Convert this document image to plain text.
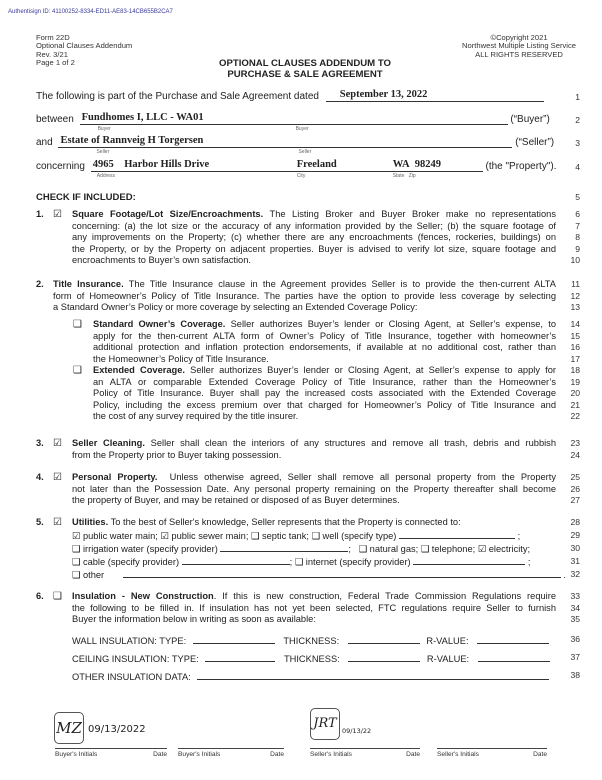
Authentisign ID: 41100252-8334-ED11-AE83-14CB655B2CA7
Form 22D
Optional Clauses Addendum
Rev. 3/21
Page 1 of 2
©Copyright 2021
Northwest Multiple Listing Service
ALL RIGHTS RESERVED
OPTIONAL CLAUSES ADDENDUM TO
PURCHASE & SALE AGREEMENT
The following is part of the Purchase and Sale Agreement dated September 13, 2022	1
between Fundhomes I, LLC - WA01
Buyer	Buyer
(“Buyer”)	2
and Estate of Rannveig H Torgersen
Seller	Seller
(“Seller”) 3
concerning 4965    Harbor Hills Drive	Freeland	WA 98249
Address	City	State Zip
(the "Property"). 4
CHECK IF INCLUDED:	5
1. ☑ Square Footage/Lot Size/Encroachments. The Listing Broker and Buyer Broker make no representations 6
concerning: (a) the lot size or the accuracy of any information provided by the Seller; (b) the square footage of 7
any improvements on the Property; (c) whether there are any encroachments (fences, rockeries, buildings) on 8
the Property, or by the Property on adjacent properties. Buyer is advised to verify lot size, square footage and 9
encroachments to Buyer’s own satisfaction.	10
2. Title Insurance. The Title Insurance clause in the Agreement provides Seller is to provide the then-current ALTA 11
form of Homeowner’s Policy of Title Insurance. The parties have the option to provide less coverage by selecting 12
a Standard Owner’s Policy or more coverage by selecting an Extended Coverage Policy:	13
❑ Standard Owner’s Coverage. Seller authorizes Buyer’s lender or Closing Agent, at Seller’s expense, to 14
apply for the then-current ALTA form of Owner’s Policy of Title Insurance, together with homeowner’s 15
additional protection and inflation protection endorsements, if available at no additional cost, rather than 16
the Homeowner’s Policy of Title Insurance.	17
❑ Extended Coverage. Seller authorizes Buyer’s lender or Closing Agent, at Seller’s expense to apply for 18
an ALTA or comparable Extended Coverage Policy of Title Insurance, rather than the Homeowner’s 19
Policy of Title Insurance. Buyer shall pay the increased costs associated with the Extended Coverage 20
Policy, including the excess premium over that charged for Homeowner’s Policy of Title Insurance and 21
the cost of any survey required by the title insurer.	22
3. ☑ Seller Cleaning. Seller shall clean the interiors of any structures and remove all trash, debris and rubbish 23
from the Property prior to Buyer taking possession.	24
4. ☑ Personal Property.  Unless otherwise agreed, Seller shall remove all personal property from the Property 25
not later than the Possession Date. Any personal property remaining on the Property thereafter shall become 26
the property of Buyer, and may be retained or disposed of as Buyer determines.	27
5. ☑ Utilities. To the best of Seller's knowledge, Seller represents that the Property is connected to:	28
6. ❑ Insulation - New Construction. If this is new construction, Federal Trade Commission Regulations require 33
the following to be filled in. If insulation has not yet been selected, FTC regulations require Seller to furnish 34
Buyer the information below in writing as soon as available:	35
☑ public water main; ☑ public sewer main; ❑ septic tank; ❑ well (specify type)	;	29
❑ irrigation water (specify provider)	;   ❑ natural gas; ❑ telephone; ☑ electricity;	30
❑ cable (specify provider)	; ❑ internet (specify provider)	;	31
❑ other	. 32
WALL INSULATION: TYPE:	THICKNESS:	R-VALUE:	36
CEILING INSULATION: TYPE:	THICKNESS:	R-VALUE:	37
OTHER INSULATION DATA:	38
MZ 09/13/2022	JRT 09/13/22
Buyer's Initials	Date Buyer's Initials	Date	Seller's Initials	Date	Seller's Initials	Date
